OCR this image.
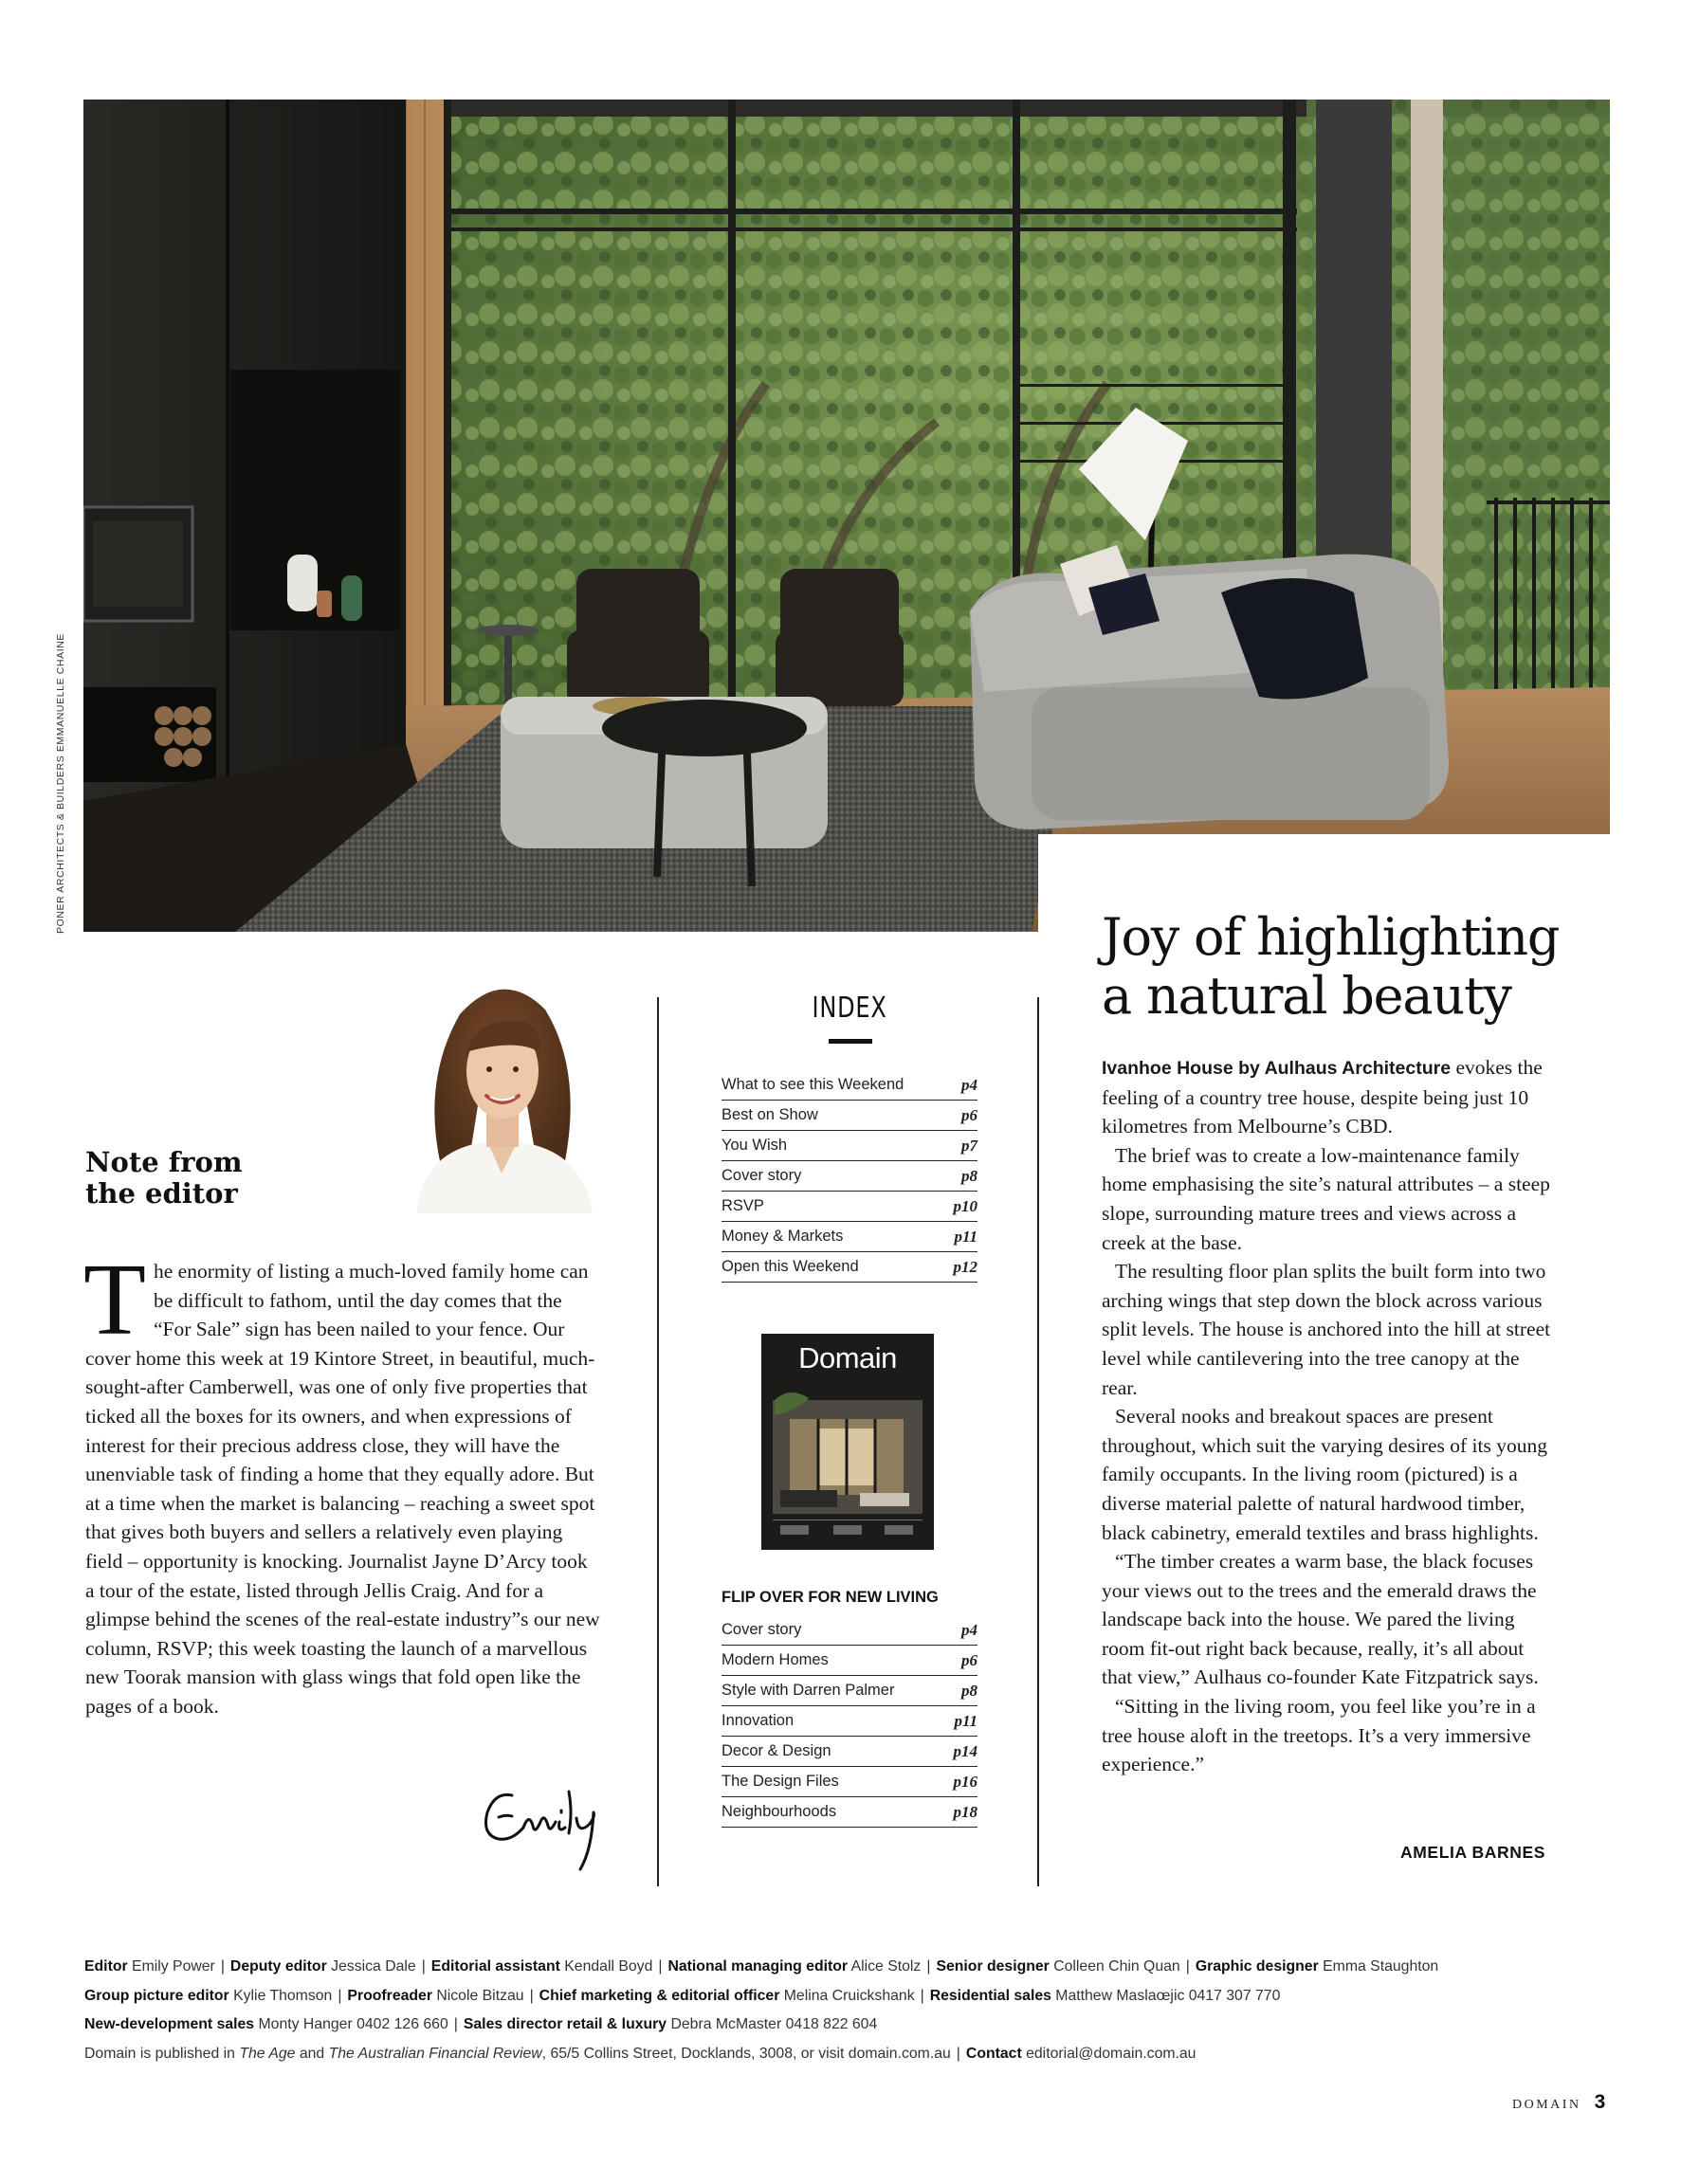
PONER ARCHITECTS & BUILDERS EMMANUELLE CHAINE
Note from
the editor
The enormity of listing a much-loved family home can be difficult to fathom, until the day comes that the “For Sale” sign has been nailed to your fence. Our cover home this week at 19 Kintore Street, in beautiful, much-sought-after Camberwell, was one of only five properties that ticked all the boxes for its owners, and when expressions of interest for their precious address close, they will have the unenviable task of finding a home that they equally adore. But at a time when the market is balancing – reaching a sweet spot that gives both buyers and sellers a relatively even playing field – opportunity is knocking. Journalist Jayne D’Arcy took a tour of the estate, listed through Jellis Craig. And for a glimpse behind the scenes of the real-estate industry”s our new column, RSVP; this week toasting the launch of a marvellous new Toorak mansion with glass wings that fold open like the pages of a book.
INDEX
What to see this Weekend	p4
Best on Show	p6
You Wish	p7
Cover story	p8
RSVP	p10
Money & Markets	p11
Open this Weekend	p12
Domain
FLIP OVER FOR NEW LIVING
Cover story	p4
Modern Homes	p6
Style with Darren Palmer	p8
Innovation	p11
Decor & Design	p14
The Design Files	p16
Neighbourhoods	p18
Joy of highlighting
a natural beauty

Ivanhoe House by Aulhaus Architecture evokes the feeling of a country tree house, despite being just 10 kilometres from Melbourne’s CBD.

The brief was to create a low-maintenance family home emphasising the site’s natural attributes – a steep slope, surrounding mature trees and views across a creek at the base.

The resulting floor plan splits the built form into two arching wings that step down the block across various split levels. The house is anchored into the hill at street level while cantilevering into the tree canopy at the rear.

Several nooks and breakout spaces are present throughout, which suit the varying desires of its young family occupants. In the living room (pictured) is a diverse material palette of natural hardwood timber, black cabinetry, emerald textiles and brass highlights.

“The timber creates a warm base, the black focuses your views out to the trees and the emerald draws the landscape back into the house. We pared the living room fit-out right back because, really, it’s all about that view,” Aulhaus co-founder Kate Fitzpatrick says.

“Sitting in the living room, you feel like you’re in a tree house aloft in the treetops. It’s a very immersive experience.”

AMELIA BARNES
Editor Emily Power | Deputy editor Jessica Dale | Editorial assistant Kendall Boyd | National managing editor Alice Stolz | Senior designer Colleen Chin Quan | Graphic designer Emma Staughton
Group picture editor Kylie Thomson | Proofreader Nicole Bitzau | Chief marketing & editorial officer Melina Cruickshank | Residential sales Matthew Maslaœjic 0417 307 770
New-development sales Monty Hanger 0402 126 660 | Sales director retail & luxury Debra McMaster 0418 822 604
Domain is published in The Age and The Australian Financial Review, 65/5 Collins Street, Docklands, 3008, or visit domain.com.au | Contact editorial@domain.com.au
DOMAIN 3
